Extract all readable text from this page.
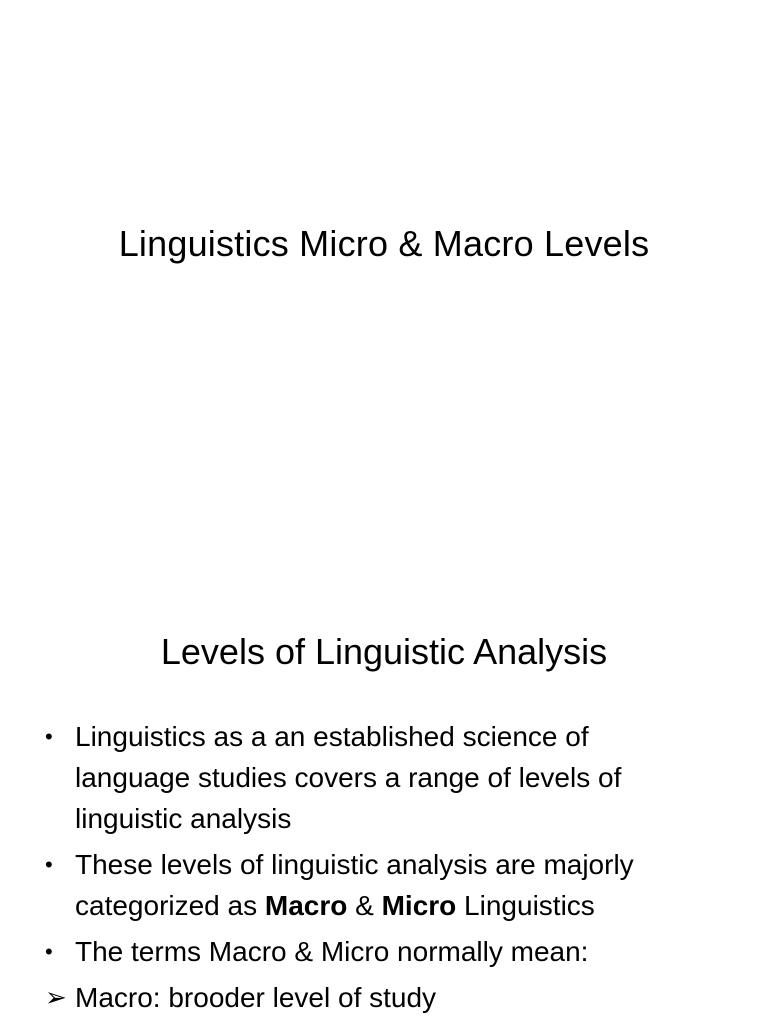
Linguistics Micro & Macro Levels
Levels of Linguistic Analysis
• Linguistics as a an established science of language studies covers a range of levels of linguistic analysis
• These levels of linguistic analysis are majorly categorized as Macro & Micro Linguistics
• The terms Macro & Micro normally mean:
➢ Macro: brooder level of study
